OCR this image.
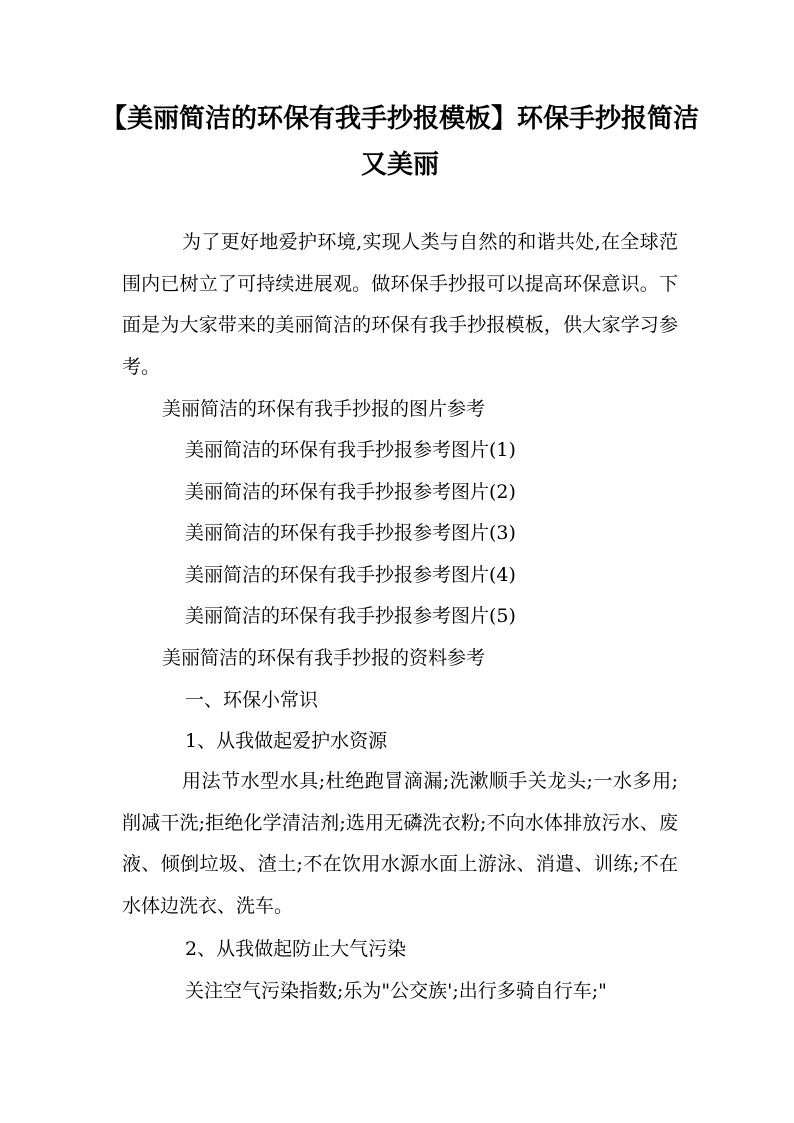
【美丽简洁的环保有我手抄报模板】环保手抄报简洁又美丽

为了更好地爱护环境,实现人类与自然的和谐共处,在全球范围内已树立了可持续进展观。做环保手抄报可以提高环保意识。下面是为大家带来的美丽简洁的环保有我手抄报模板，供大家学习参考。

美丽简洁的环保有我手抄报的图片参考

美丽简洁的环保有我手抄报参考图片(1)

美丽简洁的环保有我手抄报参考图片(2)

美丽简洁的环保有我手抄报参考图片(3)

美丽简洁的环保有我手抄报参考图片(4)

美丽简洁的环保有我手抄报参考图片(5)

美丽简洁的环保有我手抄报的资料参考

一、环保小常识

1、从我做起爱护水资源

用法节水型水具;杜绝跑冒滴漏;洗漱顺手关龙头;一水多用;削减干洗;拒绝化学清洁剂;选用无磷洗衣粉;不向水体排放污水、废液、倾倒垃圾、渣土;不在饮用水源水面上游泳、消遣、训练;不在水体边洗衣、洗车。

2、从我做起防止大气污染

关注空气污染指数;乐为"公交族';出行多骑自行车;"
